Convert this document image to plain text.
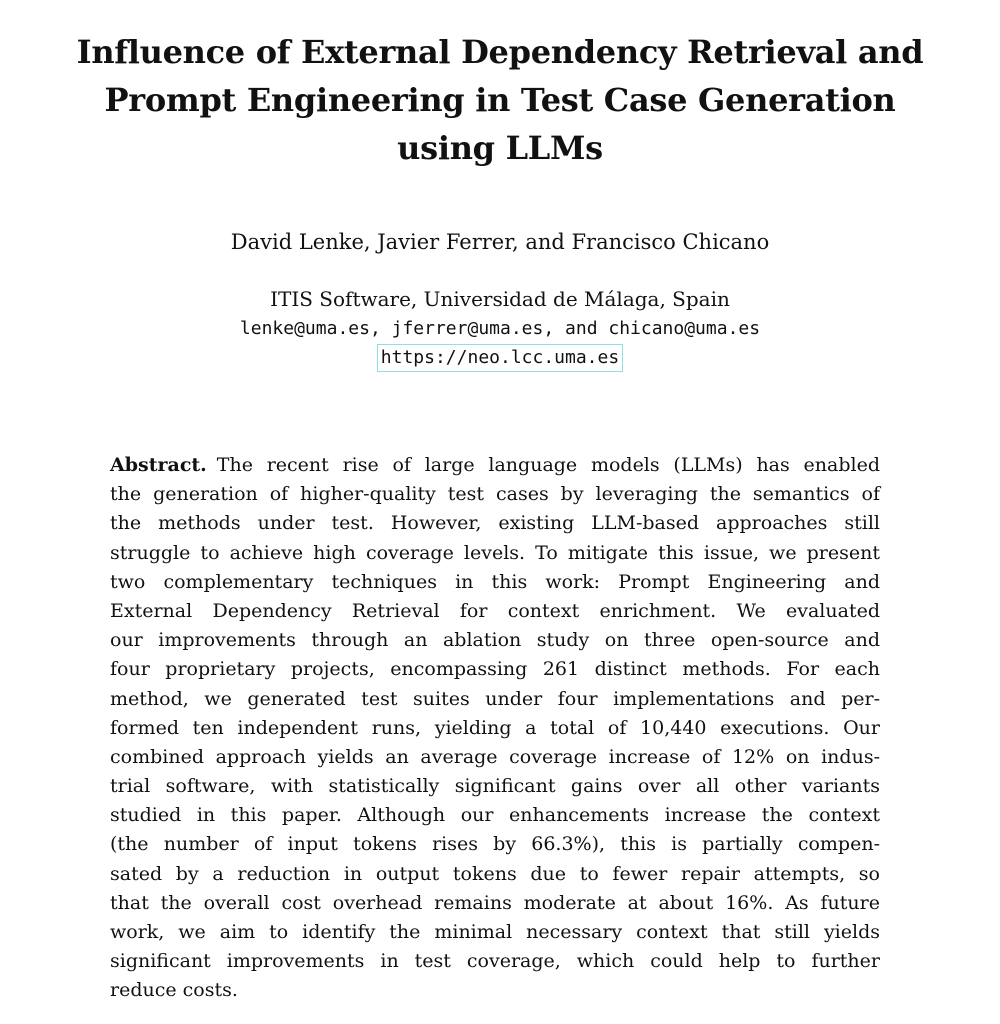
Influence of External Dependency Retrieval and
Prompt Engineering in Test Case Generation
using LLMs
David Lenke, Javier Ferrer, and Francisco Chicano
ITIS Software, Universidad de Málaga, Spain
lenke@uma.es, jferrer@uma.es, and chicano@uma.es
https://neo.lcc.uma.es
Abstract. The recent rise of large language models (LLMs) has enabled
the generation of higher-quality test cases by leveraging the semantics of
the methods under test. However, existing LLM-based approaches still
struggle to achieve high coverage levels. To mitigate this issue, we present
two complementary techniques in this work: Prompt Engineering and
External Dependency Retrieval for context enrichment. We evaluated
our improvements through an ablation study on three open-source and
four proprietary projects, encompassing 261 distinct methods. For each
method, we generated test suites under four implementations and per-
formed ten independent runs, yielding a total of 10,440 executions. Our
combined approach yields an average coverage increase of 12% on indus-
trial software, with statistically significant gains over all other variants
studied in this paper. Although our enhancements increase the context
(the number of input tokens rises by 66.3%), this is partially compen-
sated by a reduction in output tokens due to fewer repair attempts, so
that the overall cost overhead remains moderate at about 16%. As future
work, we aim to identify the minimal necessary context that still yields
significant improvements in test coverage, which could help to further
reduce costs.
